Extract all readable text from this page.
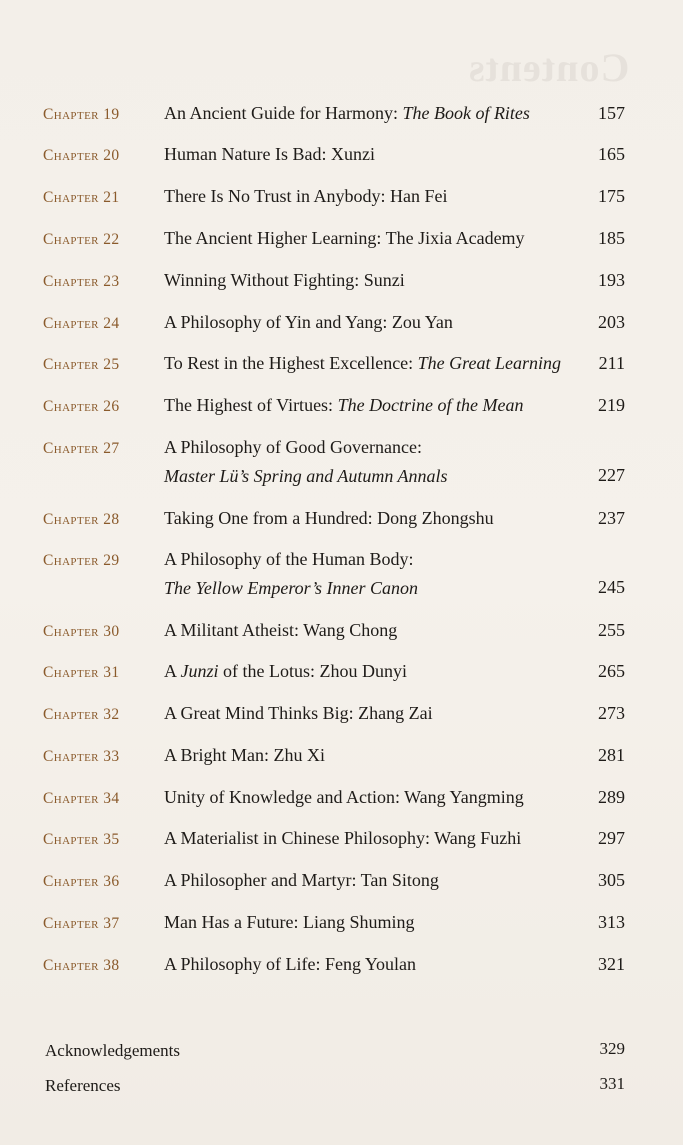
Contents
Chapter 19 An Ancient Guide for Harmony: The Book of Rites	157
Chapter 20 Human Nature Is Bad: Xunzi	165
Chapter 21 There Is No Trust in Anybody: Han Fei	175
Chapter 22 The Ancient Higher Learning: The Jixia Academy	185
Chapter 23 Winning Without Fighting: Sunzi	193
Chapter 24 A Philosophy of Yin and Yang: Zou Yan	203
Chapter 25 To Rest in the Highest Excellence: The Great Learning 211
Chapter 26 The Highest of Virtues: The Doctrine of the Mean	219
Chapter 27 A Philosophy of Good Governance:
Master Lü’s Spring and Autumn Annals	227
Chapter 28 Taking One from a Hundred: Dong Zhongshu	237
Chapter 29 A Philosophy of the Human Body:
The Yellow Emperor’s Inner Canon	245
Chapter 30 A Militant Atheist: Wang Chong	255
Chapter 31 A Junzi of the Lotus: Zhou Dunyi	265
Chapter 32 A Great Mind Thinks Big: Zhang Zai	273
Chapter 33 A Bright Man: Zhu Xi	281
Chapter 34 Unity of Knowledge and Action: Wang Yangming	289
Chapter 35 A Materialist in Chinese Philosophy: Wang Fuzhi	297
Chapter 36 A Philosopher and Martyr: Tan Sitong	305
Chapter 37 Man Has a Future: Liang Shuming	313
Chapter 38 A Philosophy of Life: Feng Youlan	321
Acknowledgements	329
References	331
